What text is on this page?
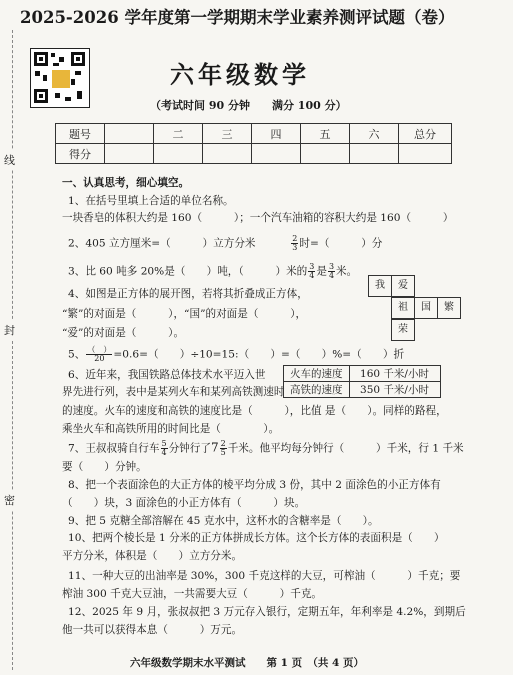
线
封
密
2025-2026 学年度第一学期期末学业素养测评试题（卷）
六年级数学
（考试时间 90 分钟　　满分 100 分）
题号		二	三	四	五	六	总分
得分							
一、认真思考，细心填空。
1、在括号里填上合适的单位名称。
一块香皂的体积大约是 160（　　　）；一个汽车油箱的容积大约是 160（　　　）
2、405 立方厘米=（　　　）立方分米	$\frac{2}{3}$ 时=（　　　）分
3、比 60 吨多 20%是（　　）吨，（　　　）米的 $\frac{3}{4}$ 是 $\frac{3}{4}$ 米。
4、如图是正方体的展开图，若将其折叠成正方体，
“繁”的对面是（　　　），“国”的对面是（　　　），
“爱”的对面是（　　　）。
我	爱
祖	国	繁
荣
5、 $\frac{( )}{20} =0.6=$（　　）÷10=15:（　　）=（　　）%=（　　）折
6、近年来，我国铁路总体技术水平迈入世
界先进行列，表中是某列火车和某列高铁测速时
的速度。火车的速度和高铁的速度比是（　　　），比值 是（　　）。同样的路程，
乘坐火车和高铁所用的时间比是（　　　　）。
火车的速度	160 千米/小时
高铁的速度	350 千米/小时
7、王叔叔骑自行车 $\frac{5}{4}$ 分钟行了$7 \frac{2}{5}$ 千米。他平均每分钟行（　　　）千米，行 1 千米
要（　　）分钟。
8、把一个表面涂色的大正方体的棱平均分成 3 份，其中 2 面涂色的小正方体有
（　　）块，3 面涂色的小正方体有（　　　）块。
9、把 5 克糖全部溶解在 45 克水中，这杯水的含糖率是（　　）。
10、把两个棱长是 1 分米的正方体拼成长方体。这个长方体的表面积是（　　）
平方分米，体积是（　　）立方分米。
11、一种大豆的出油率是 30%，300 千克这样的大豆，可榨油（　　　）千克；要
榨油 300 千克大豆油，一共需要大豆（　　　）千克。
12、2025 年 9 月，张叔叔把 3 万元存入银行，定期五年，年利率是 4.2%，到期后
他一共可以获得本息（　　　）万元。
六年级数学期末水平测试　　第 1 页　（共 4 页）
